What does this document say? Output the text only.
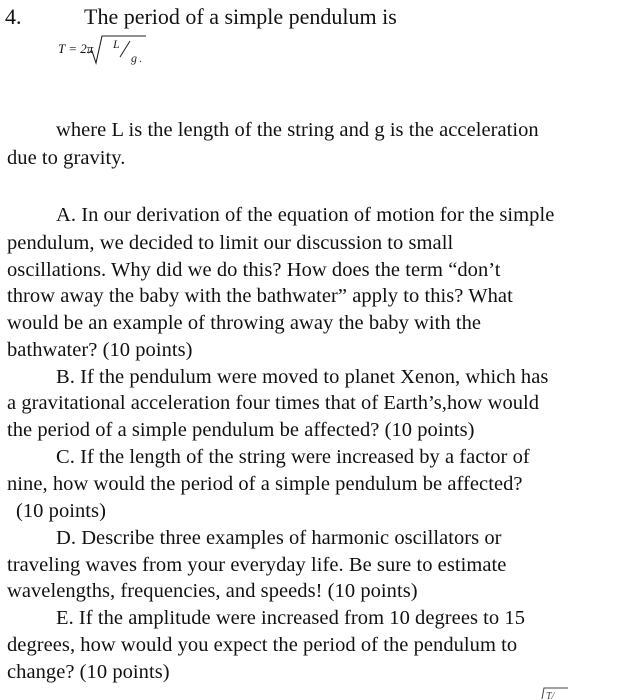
4.	The period of a simple pendulum is
T = 2π L
g .
where L is the length of the string and g is the acceleration
due to gravity.
A. In our derivation of the equation of motion for the simple
pendulum, we decided to limit our discussion to small
oscillations. Why did we do this? How does the term “don’t
throw away the baby with the bathwater” apply to this? What
would be an example of throwing away the baby with the
bathwater? (10 points)
B. If the pendulum were moved to planet Xenon, which has
a gravitational acceleration four times that of Earth’s,how would
the period of a simple pendulum be affected? (10 points)
C. If the length of the string were increased by a factor of
nine, how would the period of a simple pendulum be affected?
(10 points)
D. Describe three examples of harmonic oscillators or
traveling waves from your everyday life. Be sure to estimate
wavelengths, frequencies, and speeds! (10 points)
E. If the amplitude were increased from 10 degrees to 15
degrees, how would you expect the period of the pendulum to
change? (10 points)
T/
